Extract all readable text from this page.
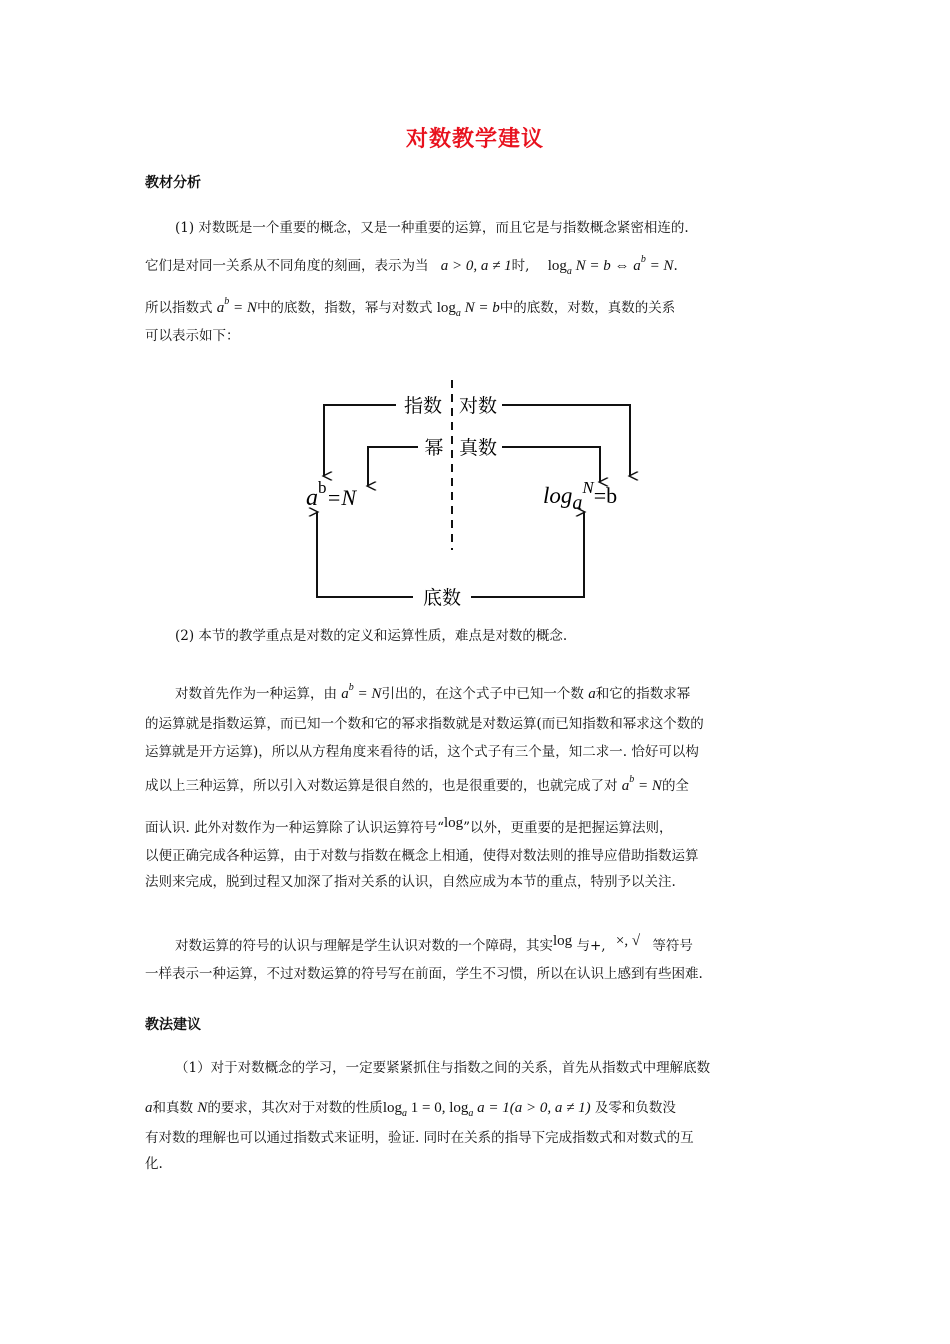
对数教学建议
教材分析
(1) 对数既是一个重要的概念，又是一种重要的运算，而且它是与指数概念紧密相连的.
它们是对同一关系从不同角度的刻画，表示为当 a > 0, a ≠ 1时, $\log_a N = b$ ⇔ $a^b = N$.
所以指数式 $a^b = N$中的底数，指数，幂与对数式 $\log_a N = b$中的底数，对数，真数的关系
可以表示如下：
指数 对数
幂 真数
底数
$a^b=N$	loga$^N$=b
(2) 本节的教学重点是对数的定义和运算性质，难点是对数的概念.
对数首先作为一种运算，由 $a^b = N$引出的，在这个式子中已知一个数 a和它的指数求幂
的运算就是指数运算，而已知一个数和它的幂求指数就是对数运算(而已知指数和幂求这个数的
运算就是开方运算)，所以从方程角度来看待的话，这个式子有三个量，知二求一. 恰好可以构
成以上三种运算，所以引入对数运算是很自然的，也是很重要的，也就完成了对 $a^b = N$的全
面认识. 此外对数作为一种运算除了认识运算符号“log”以外，更重要的是把握运算法则，
以便正确完成各种运算，由于对数与指数在概念上相通，使得对数法则的推导应借助指数运算
法则来完成，脱到过程又加深了指对关系的认识，自然应成为本节的重点，特别予以关注.
对数运算的符号的认识与理解是学生认识对数的一个障碍，其实log 与+, ×, √ 等符号
一样表示一种运算，不过对数运算的符号写在前面，学生不习惯，所以在认识上感到有些困难.
教法建议
（1）对于对数概念的学习，一定要紧紧抓住与指数之间的关系，首先从指数式中理解底数
a和真数 N的要求，其次对于对数的性质$\log_a 1 = 0$, $\log_a a = 1(a > 0$, a ≠ 1) 及零和负数没
有对数的理解也可以通过指数式来证明，验证. 同时在关系的指导下完成指数式和对数式的互
化.
